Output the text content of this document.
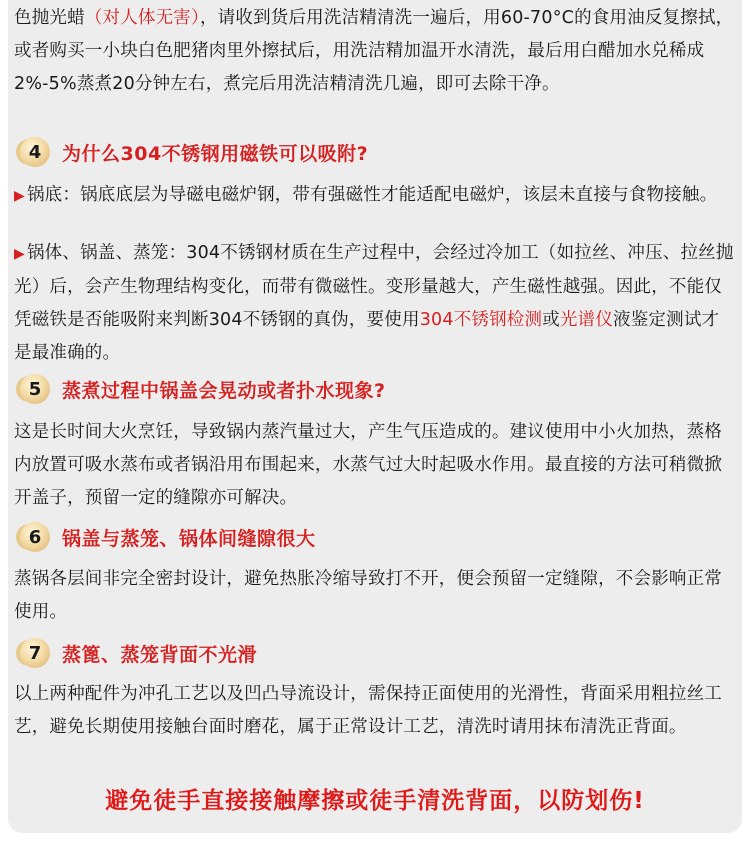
色抛光蜡（对人体无害），请收到货后用洗洁精清洗一遍后，用60-70°C的食用油反复擦拭，或者购买一小块白色肥猪肉里外擦拭后，用洗洁精加温开水清洗，最后用白醋加水兑稀成2%-5%蒸煮20分钟左右，煮完后用洗洁精清洗几遍，即可去除干净。

4	为什么304不锈钢用磁铁可以吸附?

▶ 锅底：锅底底层为导磁电磁炉钢，带有强磁性才能适配电磁炉，该层未直接与食物接触。

▶ 锅体、锅盖、蒸笼：304不锈钢材质在生产过程中，会经过冷加工（如拉丝、冲压、拉丝抛光）后，会产生物理结构变化，而带有微磁性。变形量越大，产生磁性越强。因此，不能仅凭磁铁是否能吸附来判断304不锈钢的真伪，要使用304不锈钢检测或光谱仪液鉴定测试才是最准确的。

5	蒸煮过程中锅盖会晃动或者扑水现象?

这是长时间大火烹饪，导致锅内蒸汽量过大，产生气压造成的。建议使用中小火加热，蒸格内放置可吸水蒸布或者锅沿用布围起来，水蒸气过大时起吸水作用。最直接的方法可稍微掀开盖子，预留一定的缝隙亦可解决。

6	锅盖与蒸笼、锅体间缝隙很大

蒸锅各层间非完全密封设计，避免热胀冷缩导致打不开，便会预留一定缝隙，不会影响正常使用。

7	蒸篦、蒸笼背面不光滑

以上两种配件为冲孔工艺以及凹凸导流设计，需保持正面使用的光滑性，背面采用粗拉丝工艺，避免长期使用接触台面时磨花，属于正常设计工艺，清洗时请用抹布清洗正背面。

避免徒手直接接触摩擦或徒手清洗背面，以防划伤!
